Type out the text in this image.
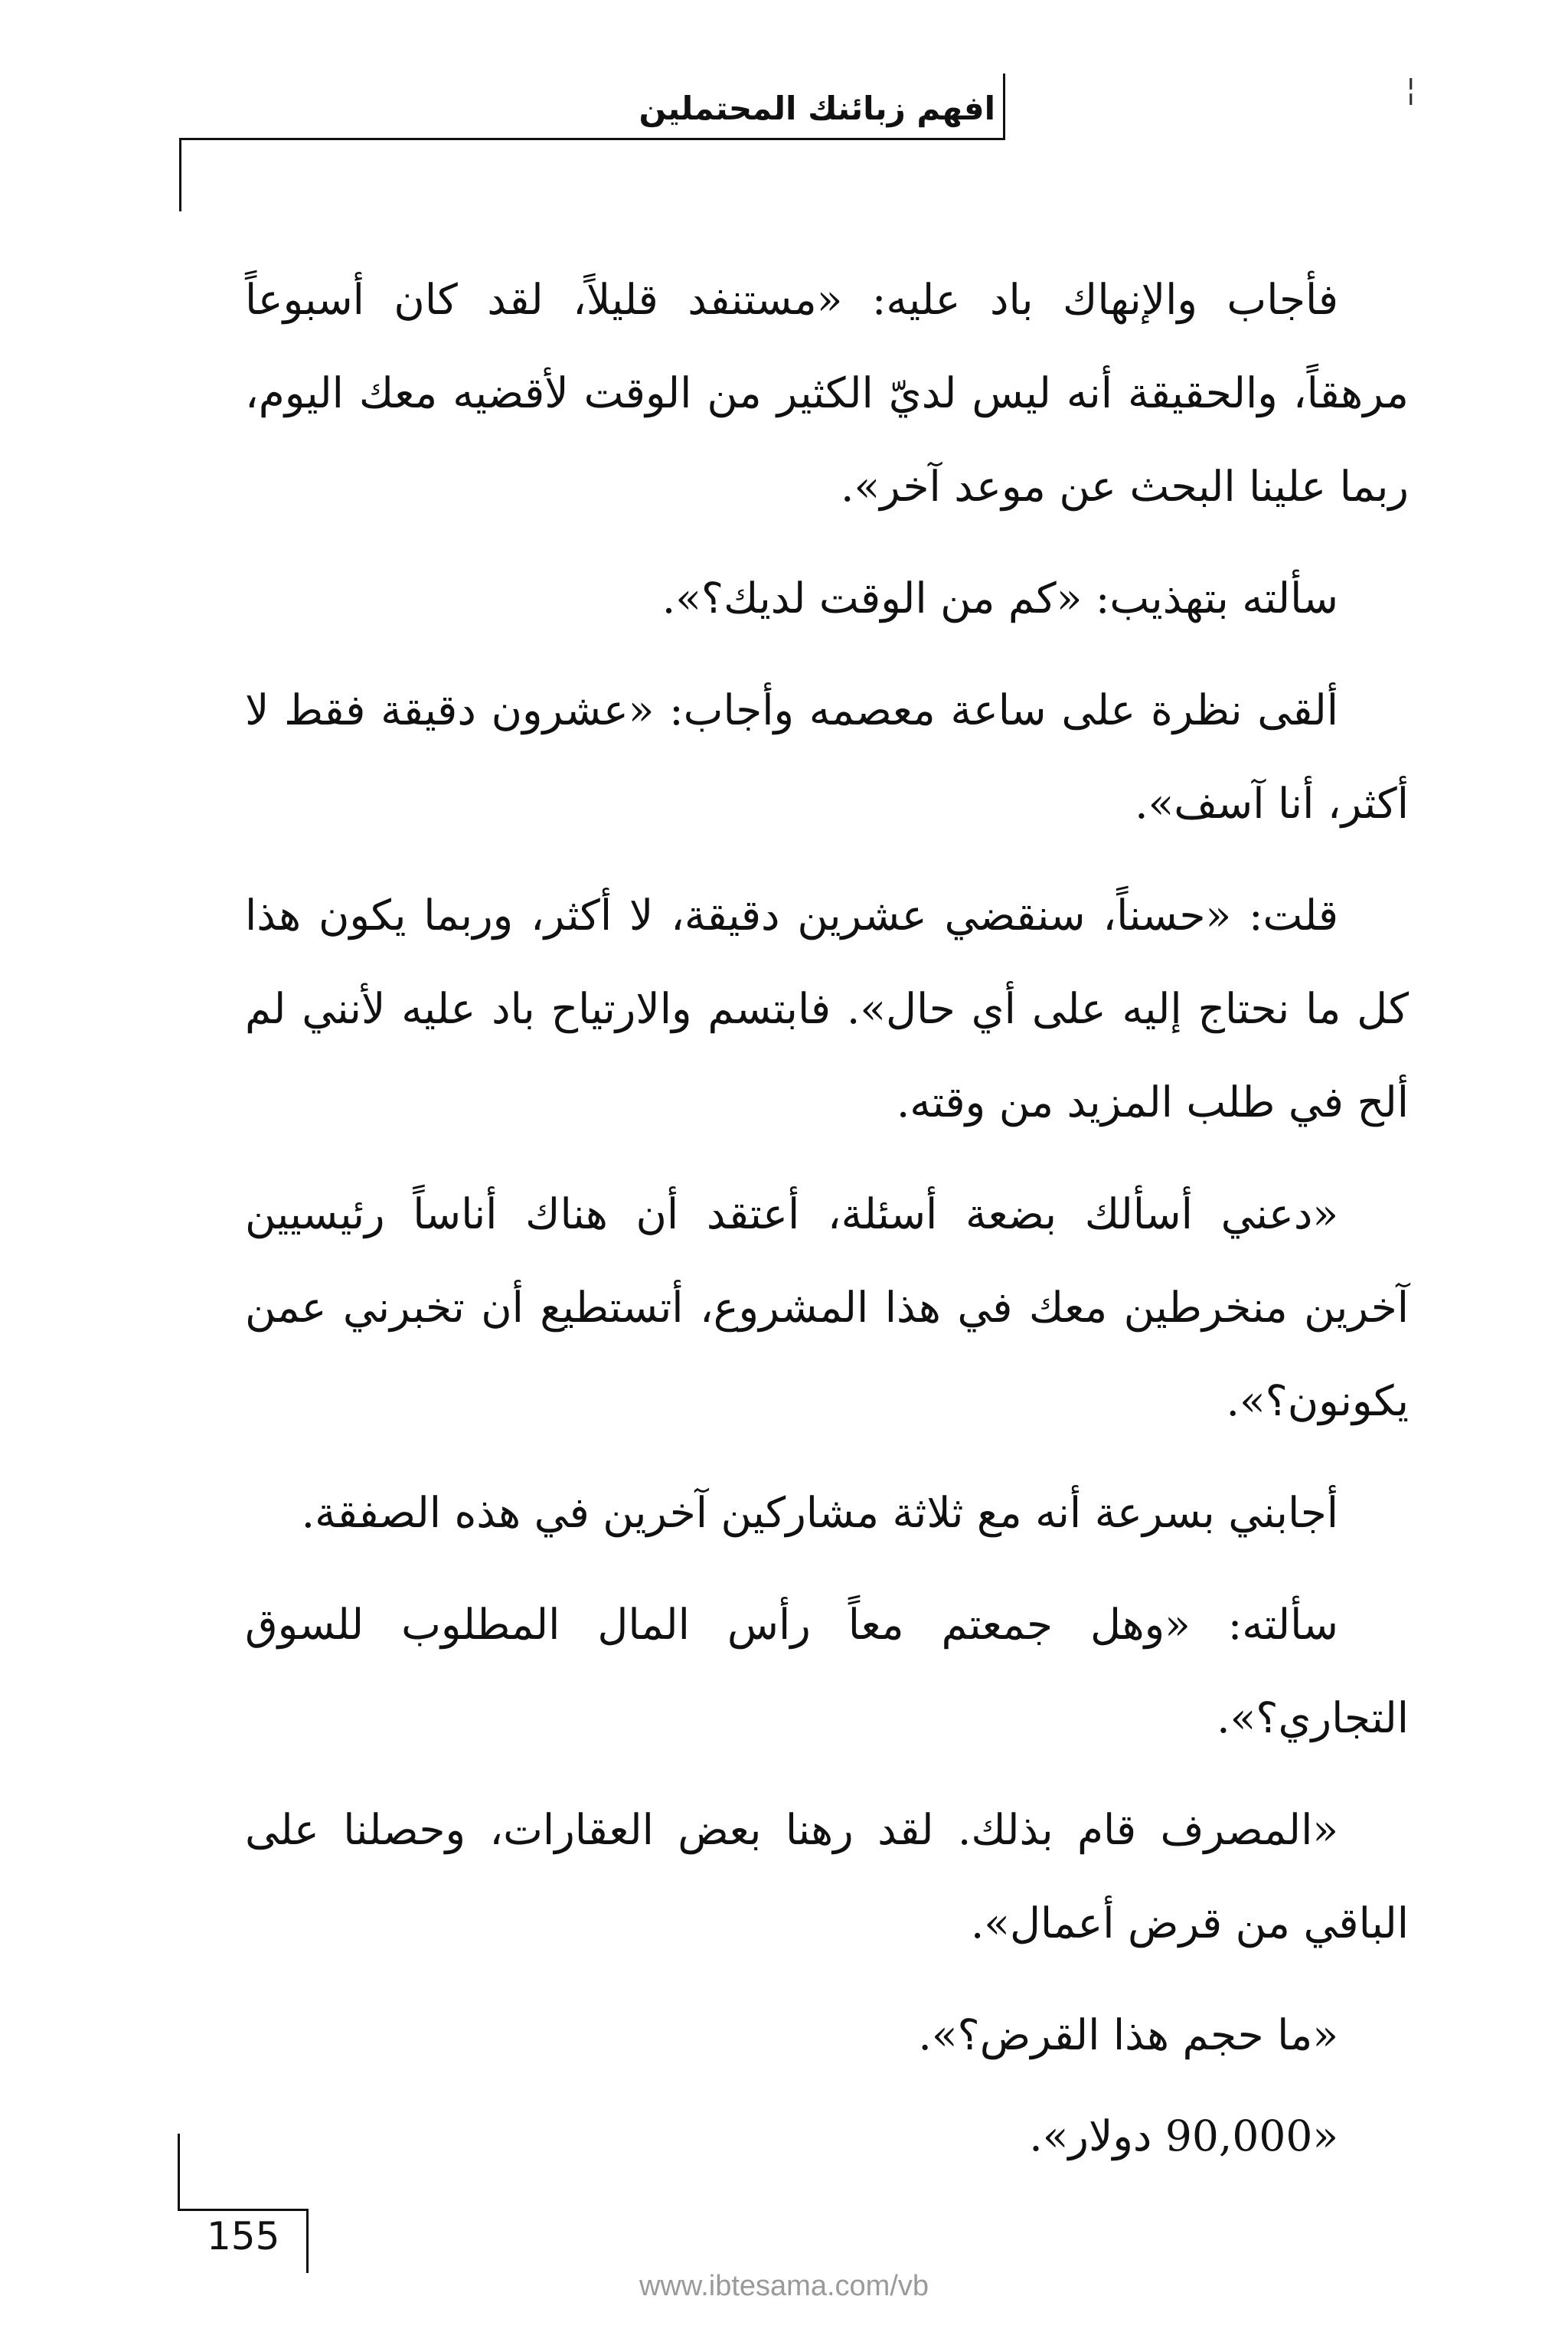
افهم زبائنك المحتملين	¦

فأجاب والإنهاك باد عليه: «مستنفد قليلاً، لقد كان أسبوعاً مرهقاً، والحقيقة أنه ليس لديّ الكثير من الوقت لأقضيه معك اليوم، ربما علينا البحث عن موعد آخر».

سألته بتهذيب: «كم من الوقت لديك؟».

ألقى نظرة على ساعة معصمه وأجاب: «عشرون دقيقة فقط لا أكثر، أنا آسف».

قلت: «حسناً، سنقضي عشرين دقيقة، لا أكثر، وربما يكون هذا كل ما نحتاج إليه على أي حال». فابتسم والارتياح باد عليه لأنني لم ألح في طلب المزيد من وقته.

«دعني أسألك بضعة أسئلة، أعتقد أن هناك أناساً رئيسيين آخرين منخرطين معك في هذا المشروع، أتستطيع أن تخبرني عمن يكونون؟».

أجابني بسرعة أنه مع ثلاثة مشاركين آخرين في هذه الصفقة.

سألته: «وهل جمعتم معاً رأس المال المطلوب للسوق التجاري؟».

«المصرف قام بذلك. لقد رهنا بعض العقارات، وحصلنا على الباقي من قرض أعمال».

«ما حجم هذا القرض؟».

«90,000 دولار».

155
www.ibtesama.com/vb
